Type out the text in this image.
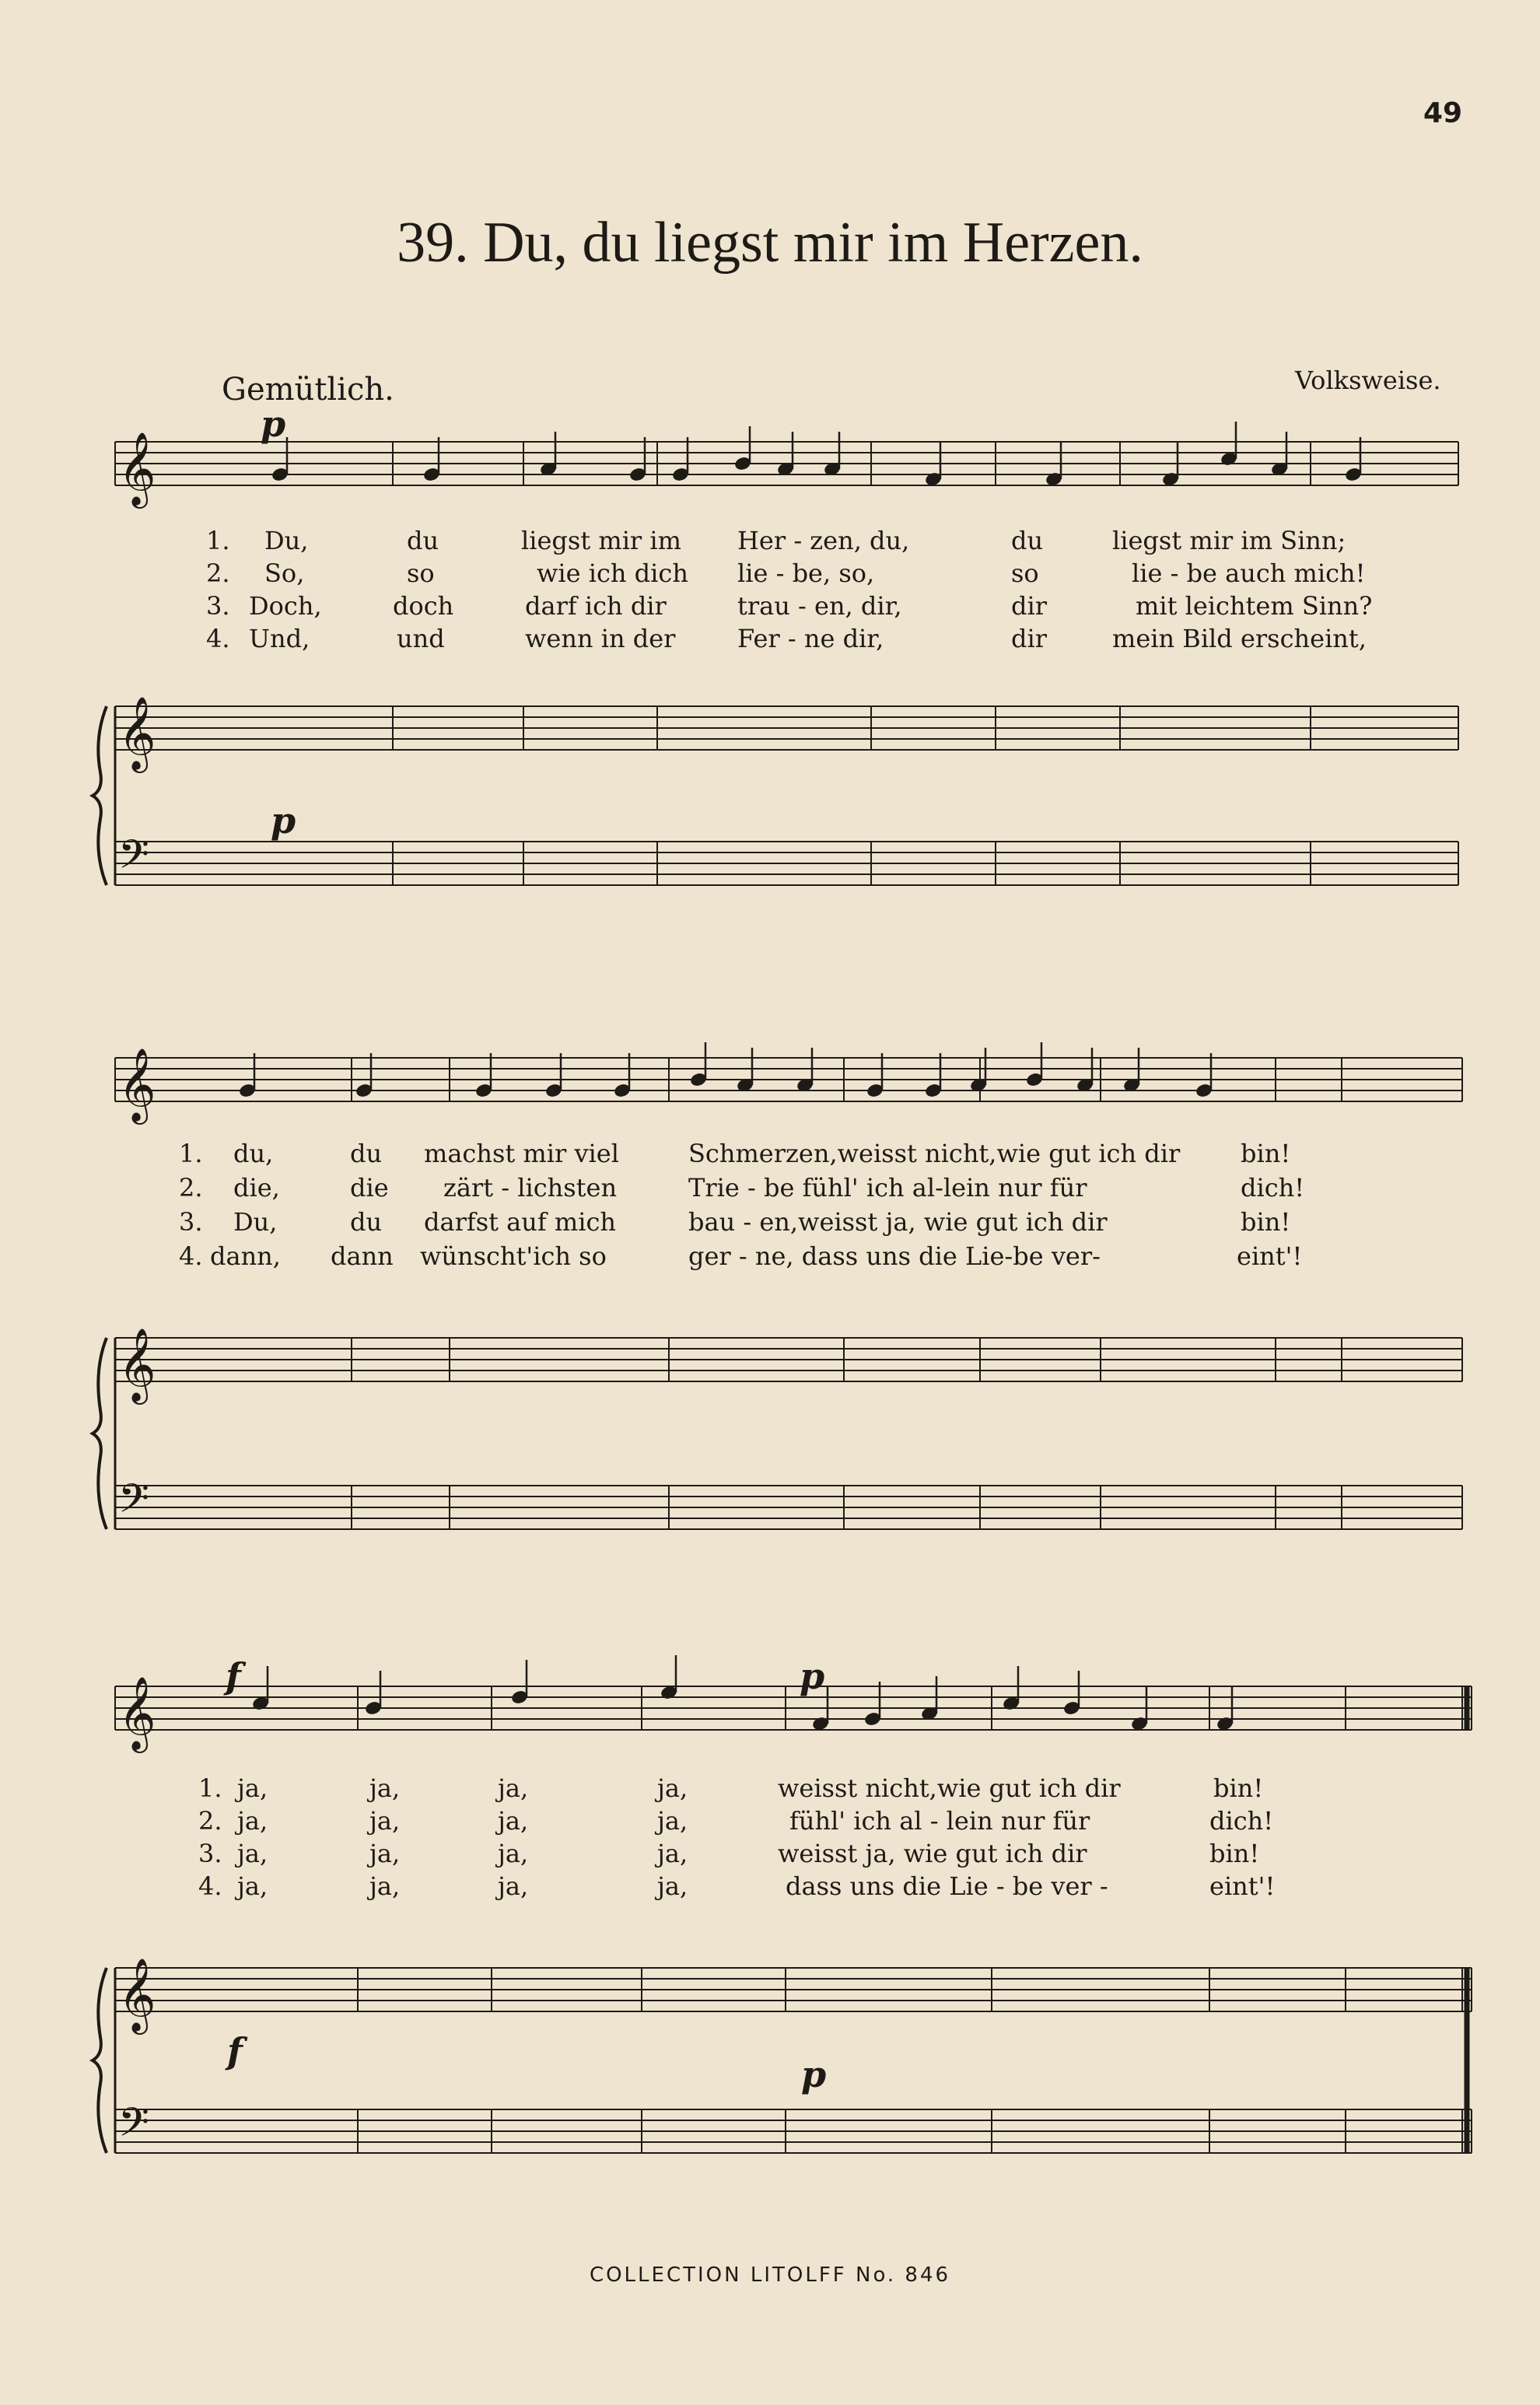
49
39. Du, du liegst mir im Herzen.
Gemütlich.	Volksweise.
𝄞
𝄞
𝄢
𝄞
𝄞
𝄢
𝄞
𝄞
𝄢
p
p
f	p
f
p
1. Du,	du	liegst mir im Her - zen, du,	du	liegst mir im Sinn;
2. So,	so	wie ich dich lie - be, so,	so	lie - be auch mich!
3. Doch,	doch	darf ich dir	trau - en, dir,	dir	mit leichtem Sinn?
4. Und,	und	wenn in der Fer - ne dir,	dir	mein Bild erscheint,
1. du,	du machst mir viel	Schmerzen,weisst nicht,wie gut ich dir bin!
2. die,	die zärt - lichsten	Trie - be fühl' ich al-lein nur für	dich!
3. Du,	du darfst auf mich	bau - en,weisst ja, wie gut ich dir	bin!
4. dann, dann wünscht'ich so	ger - ne, dass uns die Lie-be ver-	eint'!
1. ja,	ja,	ja,	ja,	weisst nicht,wie gut ich dir	bin!
2. ja,	ja,	ja,	ja,	fühl' ich al - lein nur für	dich!
3. ja,	ja,	ja,	ja,	weisst ja, wie gut ich dir	bin!
4. ja,	ja,	ja,	ja,	dass uns die Lie - be ver -	eint'!
COLLECTION LITOLFF No. 846
